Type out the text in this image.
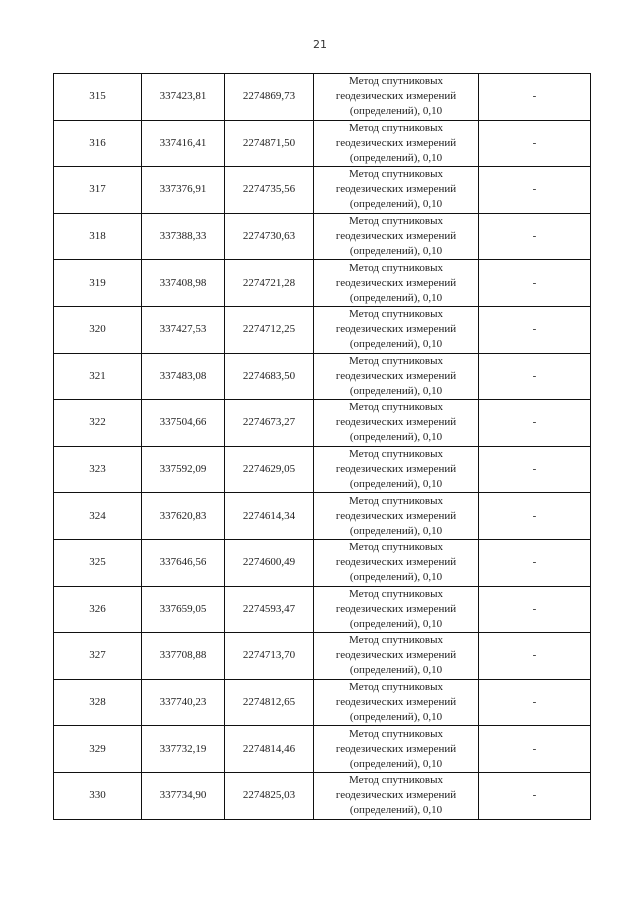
21
315	337423,81	2274869,73	Метод спутниковых
геодезических измерений
(определений), 0,10	-
316	337416,41	2274871,50	Метод спутниковых
геодезических измерений
(определений), 0,10	-
317	337376,91	2274735,56	Метод спутниковых
геодезических измерений
(определений), 0,10	-
318	337388,33	2274730,63	Метод спутниковых
геодезических измерений
(определений), 0,10	-
319	337408,98	2274721,28	Метод спутниковых
геодезических измерений
(определений), 0,10	-
320	337427,53	2274712,25	Метод спутниковых
геодезических измерений
(определений), 0,10	-
321	337483,08	2274683,50	Метод спутниковых
геодезических измерений
(определений), 0,10	-
322	337504,66	2274673,27	Метод спутниковых
геодезических измерений
(определений), 0,10	-
323	337592,09	2274629,05	Метод спутниковых
геодезических измерений
(определений), 0,10	-
324	337620,83	2274614,34	Метод спутниковых
геодезических измерений
(определений), 0,10	-
325	337646,56	2274600,49	Метод спутниковых
геодезических измерений
(определений), 0,10	-
326	337659,05	2274593,47	Метод спутниковых
геодезических измерений
(определений), 0,10	-
327	337708,88	2274713,70	Метод спутниковых
геодезических измерений
(определений), 0,10	-
328	337740,23	2274812,65	Метод спутниковых
геодезических измерений
(определений), 0,10	-
329	337732,19	2274814,46	Метод спутниковых
геодезических измерений
(определений), 0,10	-
330	337734,90	2274825,03	Метод спутниковых
геодезических измерений
(определений), 0,10	-
